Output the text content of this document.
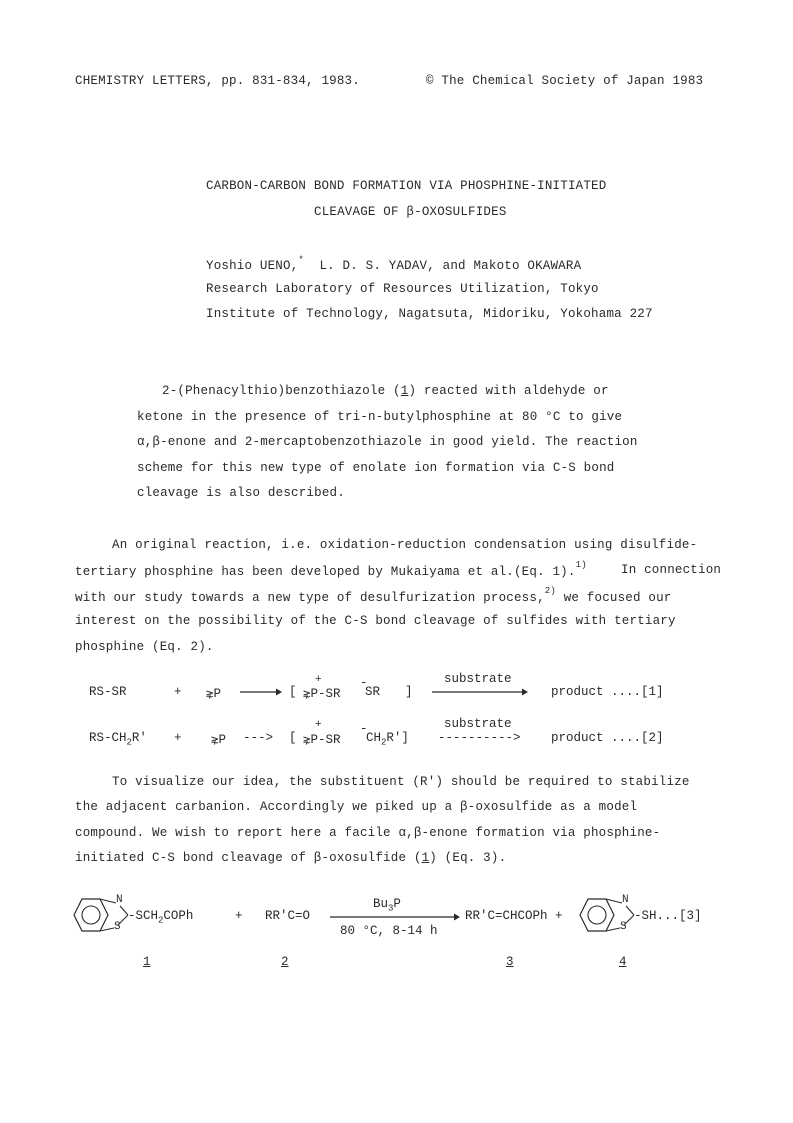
CHEMISTRY LETTERS, pp. 831-834, 1983.	© The Chemical Society of Japan 1983
CARBON-CARBON BOND FORMATION VIA PHOSPHINE-INITIATED
CLEAVAGE OF β-OXOSULFIDES
Yoshio UENO,* L. D. S. YADAV, and Makoto OKAWARA
Research Laboratory of Resources Utilization, Tokyo
Institute of Technology, Nagatsuta, Midoriku, Yokohama 227
2-(Phenacylthio)benzothiazole (1) reacted with aldehyde or
ketone in the presence of tri-n-butylphosphine at 80 °C to give
α,β-enone and 2-mercaptobenzothiazole in good yield. The reaction
scheme for this new type of enolate ion formation via C-S bond
cleavage is also described.
An original reaction, i.e. oxidation-reduction condensation using disulfide-
tertiary phosphine has been developed by Mukaiyama et al.(Eq. 1).$^{1)}$	In connection
with our study towards a new type of desulfurization process,$^{2)}$ we focused our
interest on the possibility of the C-S bond cleavage of sulfides with tertiary
phosphine (Eq. 2).
RS-SR	+ ⋧P	[
+
⋧P-SR
-
SR ]
substrate
product ....[1]
$RS-CH_2R'$ + ⋧P ---> [
+
⋧P-SR
-
$CH_2R'$]
substrate
----------> product ....[2]
To visualize our idea, the substituent (R') should be required to stabilize
the adjacent carbanion. Accordingly we piked up a β-oxosulfide as a model
compound. We wish to report here a facile α,β-enone formation via phosphine-
initiated C-S bond cleavage of β-oxosulfide (1) (Eq. 3).
N
S
$-SCH_2COPh$	+ RR'C=O
$Bu_3P$
80 °C, 8-14 h
RR'C=CHCOPh +
N
S
-SH...[3]
1	2	3	4
